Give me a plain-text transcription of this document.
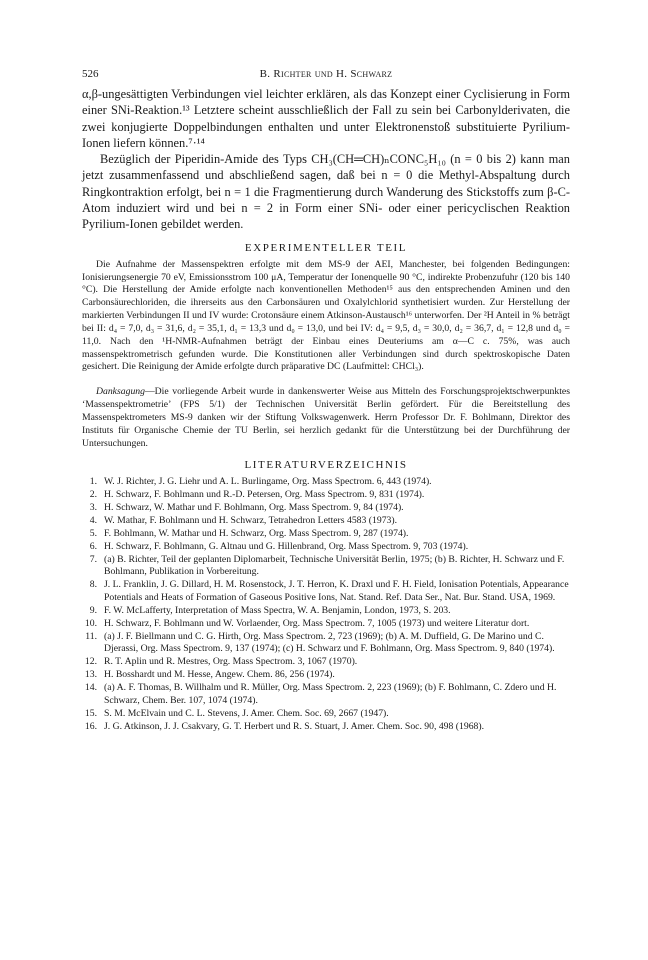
526	B. Richter und H. Schwarz

α,β-ungesättigten Verbindungen viel leichter erklären, als das Konzept einer Cyclisierung in Form einer SNi-Reaktion.¹³ Letztere scheint ausschließlich der Fall zu sein bei Carbonylderivaten, die zwei konjugierte Doppelbindungen enthalten und unter Elektronenstoß substituierte Pyrilium-Ionen liefern können.⁷·¹⁴

Bezüglich der Piperidin-Amide des Typs CH₃(CH═CH)ₙCONC₅H₁₀ (n = 0 bis 2) kann man jetzt zusammenfassend und abschließend sagen, daß bei n = 0 die Methyl-Abspaltung durch Ringkontraktion erfolgt, bei n = 1 die Fragmentierung durch Wanderung des Stickstoffs zum β-C-Atom induziert wird und bei n = 2 in Form einer SNi- oder einer pericyclischen Reaktion Pyrilium-Ionen gebildet werden.

EXPERIMENTELLER TEIL

Die Aufnahme der Massenspektren erfolgte mit dem MS-9 der AEI, Manchester, bei folgenden Bedingungen: Ionisierungsenergie 70 eV, Emissionsstrom 100 μA, Temperatur der Ionenquelle 90 °C, indirekte Probenzufuhr (120 bis 140 °C). Die Herstellung der Amide erfolgte nach konventionellen Methoden¹⁵ aus den entsprechenden Aminen und den Carbonsäurechloriden, die ihrerseits aus den Carbonsäuren und Oxalylchlorid synthetisiert wurden. Zur Herstellung der markierten Verbindungen II und IV wurde: Crotonsäure einem Atkinson-Austausch¹⁶ unterworfen. Der ²H Anteil in % beträgt bei II: d₄ = 7,0, d₃ = 31,6, d₂ = 35,1, d₁ = 13,3 und d₀ = 13,0, und bei IV: d₄ = 9,5, d₃ = 30,0, d₂ = 36,7, d₁ = 12,8 und d₀ = 11,0. Nach den ¹H-NMR-Aufnahmen beträgt der Einbau eines Deuteriums am α—C c. 75%, was auch massenspektrometrisch gefunden wurde. Die Konstitutionen aller Verbindungen sind durch spektroskopische Daten gesichert. Die Reinigung der Amide erfolgte durch präparative DC (Laufmittel: CHCl₃).

Danksagung—Die vorliegende Arbeit wurde in dankenswerter Weise aus Mitteln des Forschungsprojektschwerpunktes ‘Massenspektrometrie’ (FPS 5/1) der Technischen Universität Berlin gefördert. Für die Bereitstellung des Massenspektrometers MS-9 danken wir der Stiftung Volkswagenwerk. Herrn Professor Dr. F. Bohlmann, Direktor des Instituts für Organische Chemie der TU Berlin, sei herzlich gedankt für die Unterstützung bei der Durchführung der Untersuchungen.

LITERATURVERZEICHNIS
1. W. J. Richter, J. G. Liehr und A. L. Burlingame, Org. Mass Spectrom. 6, 443 (1974).
2. H. Schwarz, F. Bohlmann und R.-D. Petersen, Org. Mass Spectrom. 9, 831 (1974).
3. H. Schwarz, W. Mathar und F. Bohlmann, Org. Mass Spectrom. 9, 84 (1974).
4. W. Mathar, F. Bohlmann und H. Schwarz, Tetrahedron Letters 4583 (1973).
5. F. Bohlmann, W. Mathar und H. Schwarz, Org. Mass Spectrom. 9, 287 (1974).
6. H. Schwarz, F. Bohlmann, G. Altnau und G. Hillenbrand, Org. Mass Spectrom. 9, 703 (1974).
7. (a) B. Richter, Teil der geplanten Diplomarbeit, Technische Universität Berlin, 1975; (b) B. Richter, H. Schwarz und F. Bohlmann, Publikation in Vorbereitung.
8. J. L. Franklin, J. G. Dillard, H. M. Rosenstock, J. T. Herron, K. Draxl und F. H. Field, Ionisation Potentials, Appearance Potentials and Heats of Formation of Gaseous Positive Ions, Nat. Stand. Ref. Data Ser., Nat. Bur. Stand. USA, 1969.
9. F. W. McLafferty, Interpretation of Mass Spectra, W. A. Benjamin, London, 1973, S. 203.
10. H. Schwarz, F. Bohlmann und W. Vorlaender, Org. Mass Spectrom. 7, 1005 (1973) und weitere Literatur dort.
11. (a) J. F. Biellmann und C. G. Hirth, Org. Mass Spectrom. 2, 723 (1969); (b) A. M. Duffield, G. De Marino und C. Djerassi, Org. Mass Spectrom. 9, 137 (1974); (c) H. Schwarz und F. Bohlmann, Org. Mass Spectrom. 9, 840 (1974).
12. R. T. Aplin und R. Mestres, Org. Mass Spectrom. 3, 1067 (1970).
13. H. Bosshardt und M. Hesse, Angew. Chem. 86, 256 (1974).
14. (a) A. F. Thomas, B. Willhalm und R. Müller, Org. Mass Spectrom. 2, 223 (1969); (b) F. Bohlmann, C. Zdero und H. Schwarz, Chem. Ber. 107, 1074 (1974).
15. S. M. McElvain und C. L. Stevens, J. Amer. Chem. Soc. 69, 2667 (1947).
16. J. G. Atkinson, J. J. Csakvary, G. T. Herbert und R. S. Stuart, J. Amer. Chem. Soc. 90, 498 (1968).
